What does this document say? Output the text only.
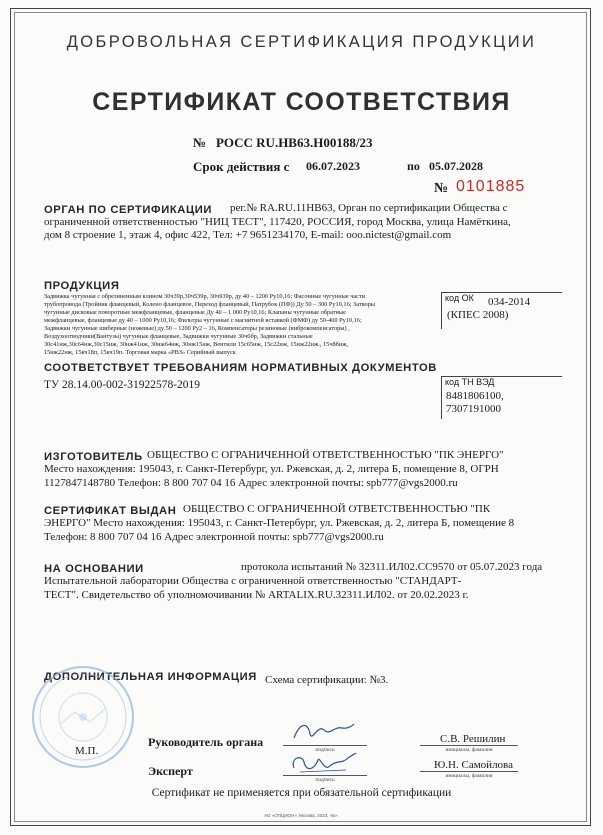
ДОБРОВОЛЬНАЯ СЕРТИФИКАЦИЯ ПРОДУКЦИИ
СЕРТИФИКАТ СООТВЕТСТВИЯ
№ РОСС RU.НВ63.Н00188/23
Срок действия с 06.07.2023	по 05.07.2028
№ 0101885
ОРГАН ПО СЕРТИФИКАЦИИ рег.№ RA.RU.11НВ63, Орган по сертификации Общества с
ограниченной ответственностью "НИЦ ТЕСТ", 117420, РОССИЯ, город Москва, улица Намёткина,
дом 8 строение 1, этаж 4, офис 422, Тел: +7 9651234170, E-mail: ooo.nictest@gmail.com
ПРОДУКЦИЯ
Задвижка чугунная с обрезиненным клином 30ч39р,30ч539р, 30ч939р, ду 40 – 1200 Ру10,16; Фасонные чугунные части
трубопровода (Тройник фланцевый, Колено фланцевое, Переход фланцевый, Патрубок (ПФ)) Ду 50 – 300 Ру10,16; Затворы
чугунные дисковые поворотные межфланцевые, фланцевые Ду 40 – 1 000 Ру10,16; Клапаны чугунные обратные
межфланцевые, фланцевые ду 40 – 1000 Ру10,16; Фильтры чугунные с магнитной вставкой (ФМФ) ду 50-400 Ру10,16;
Задвижки чугунные шиберные (ножевые) ду 50 – 1200 Ру2 – 16, Компенсаторы резиновые (виброкомпенсаторы) ,
Воздухоотводчики(Вантузы) чугунные фланцевые, Задвижки чугунные 30ч6бр, Задвижки стальные
30с41нж,30с64нж,30с15нж, 30нж41нж, 30нж64нж, 30нж15нж, Вентили 15с65нж, 15с22нж, 15нж22нж., 15ч8бнж,
15нж22нж, 15кч18п, 15кч19п. Торговая марка «РВЗ» Серийный выпуск
код ОК 034-2014
(КПЕС 2008)
СООТВЕТСТВУЕТ ТРЕБОВАНИЯМ НОРМАТИВНЫХ ДОКУМЕНТОВ
ТУ 28.14.00-002-31922578-2019	код ТН ВЭД
8481806100,
7307191000
ИЗГОТОВИТЕЛЬ ОБЩЕСТВО С ОГРАНИЧЕННОЙ ОТВЕТСТВЕННОСТЬЮ "ПК ЭНЕРГО"
Место нахождения: 195043, г. Санкт-Петербург, ул. Ржевская, д. 2, литера Б, помещение 8, ОГРН
1127847148780 Телефон: 8 800 707 04 16 Адрес электронной почты: spb777@vgs2000.ru
СЕРТИФИКАТ ВЫДАН ОБЩЕСТВО С ОГРАНИЧЕННОЙ ОТВЕТСТВЕННОСТЬЮ "ПК
ЭНЕРГО" Место нахождения: 195043, г. Санкт-Петербург, ул. Ржевская, д. 2, литера Б, помещение 8
Телефон: 8 800 707 04 16 Адрес электронной почты: spb777@vgs2000.ru
НА ОСНОВАНИИ	протокола испытаний № 32311.ИЛ02.СС9570 от 05.07.2023 года
Испытательной лаборатории Общества с ограниченной ответственностью "СТАНДАРТ-
ТЕСТ". Свидетельство об уполномочивании № ARTALIX.RU.32311.ИЛ02. от 20.02.2023 г.
ДОПОЛНИТЕЛЬНАЯ ИНФОРМАЦИЯ Схема сертификации: №3.
М.П.
Руководитель органа
подпись
С.В. Решилин
инициалы, фамилия
Эксперт
подпись
Ю.Н. Самойлова
инициалы, фамилия
Сертификат не применяется при обязательной сертификации
АО «ОПЦИОН», Москва, 2023, «Б».
